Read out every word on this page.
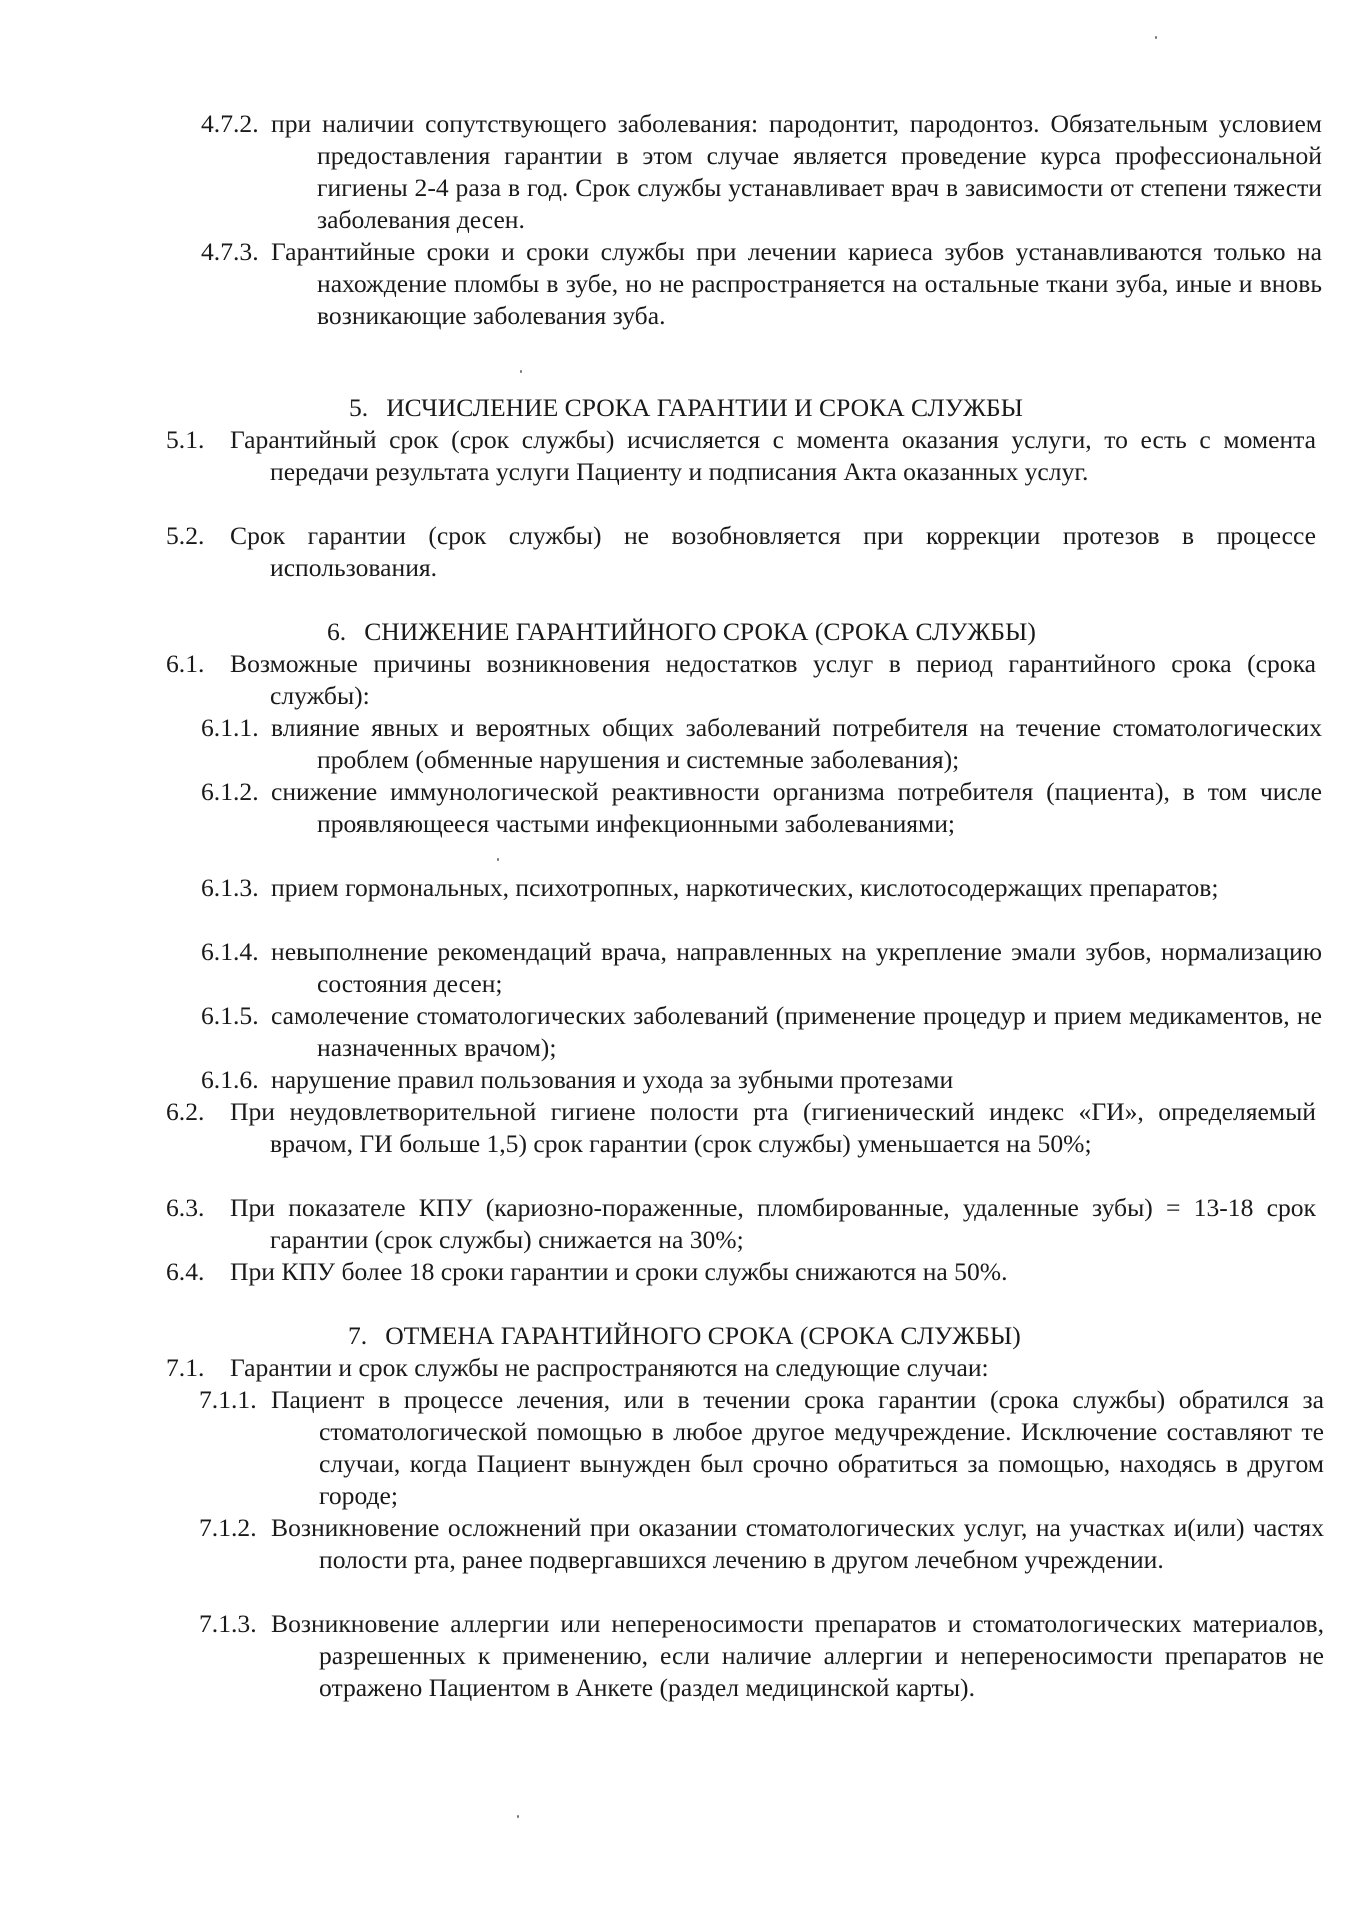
4.7.2. при наличии сопутствующего заболевания: пародонтит, пародонтоз. Обязательным условием предоставления гарантии в этом случае является проведение курса профессиональной гигиены 2-4 раза в год. Срок службы устанавливает врач в зависимости от степени тяжести заболевания десен.

4.7.3. Гарантийные сроки и сроки службы при лечении кариеса зубов устанавливаются только на нахождение пломбы в зубе, но не распространяется на остальные ткани зуба, иные и вновь возникающие заболевания зуба.

5. ИСЧИСЛЕНИЕ СРОКА ГАРАНТИИ И СРОКА СЛУЖБЫ

5.1. Гарантийный срок (срок службы) исчисляется с момента оказания услуги, то есть с момента передачи результата услуги Пациенту и подписания Акта оказанных услуг.

5.2. Срок гарантии (срок службы) не возобновляется при коррекции протезов в процессе использования.

6. СНИЖЕНИЕ ГАРАНТИЙНОГО СРОКА (СРОКА СЛУЖБЫ)

6.1. Возможные причины возникновения недостатков услуг в период гарантийного срока (срока службы):

6.1.1. влияние явных и вероятных общих заболеваний потребителя на течение стоматологических проблем (обменные нарушения и системные заболевания);

6.1.2. снижение иммунологической реактивности организма потребителя (пациента), в том числе проявляющееся частыми инфекционными заболеваниями;

6.1.3. прием гормональных, психотропных, наркотических, кислотосодержащих препаратов;

6.1.4. невыполнение рекомендаций врача, направленных на укрепление эмали зубов, нормализацию состояния десен;

6.1.5. самолечение стоматологических заболеваний (применение процедур и прием медикаментов, не назначенных врачом);

6.1.6. нарушение правил пользования и ухода за зубными протезами

6.2. При неудовлетворительной гигиене полости рта (гигиенический индекс «ГИ», определяемый врачом, ГИ больше 1,5) срок гарантии (срок службы) уменьшается на 50%;

6.3. При показателе КПУ (кариозно-пораженные, пломбированные, удаленные зубы) = 13-18 срок гарантии (срок службы) снижается на 30%;

6.4. При КПУ более 18 сроки гарантии и сроки службы снижаются на 50%.

7. ОТМЕНА ГАРАНТИЙНОГО СРОКА (СРОКА СЛУЖБЫ)

7.1. Гарантии и срок службы не распространяются на следующие случаи:

7.1.1. Пациент в процессе лечения, или в течении срока гарантии (срока службы) обратился за стоматологической помощью в любое другое медучреждение. Исключение составляют те случаи, когда Пациент вынужден был срочно обратиться за помощью, находясь в другом городе;

7.1.2. Возникновение осложнений при оказании стоматологических услуг, на участках и(или) частях полости рта, ранее подвергавшихся лечению в другом лечебном учреждении.

7.1.3. Возникновение аллергии или непереносимости препаратов и стоматологических материалов, разрешенных к применению, если наличие аллергии и непереносимости препаратов не отражено Пациентом в Анкете (раздел медицинской карты).
